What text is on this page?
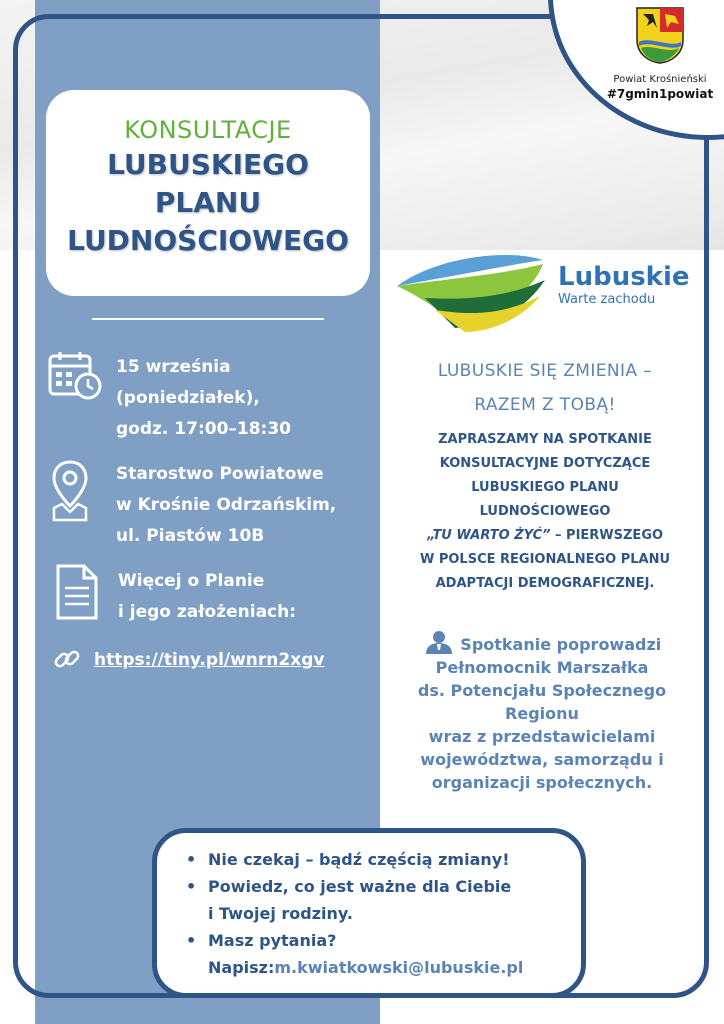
Powiat Krośnieński
#7gmin1powiat
KONSULTACJE
LUBUSKIEGO
PLANU
LUDNOŚCIOWEGO
15 września
(poniedziałek),
godz. 17:00–18:30
Starostwo Powiatowe
w Krośnie Odrzańskim,
ul. Piastów 10B
Więcej o Planie
i jego założeniach:
https://tiny.pl/wnrn2xgv
Lubuskie
Warte zachodu
LUBUSKIE SIĘ ZMIENIA –
RAZEM Z TOBĄ!
ZAPRASZAMY NA SPOTKANIE
KONSULTACYJNE DOTYCZĄCE
LUBUSKIEGO PLANU
LUDNOŚCIOWEGO
„TU WARTO ŻYĆ” – PIERWSZEGO
W POLSCE REGIONALNEGO PLANU
ADAPTACJI DEMOGRAFICZNEJ.
Spotkanie poprowadzi
Pełnomocnik Marszałka
ds. Potencjału Społecznego
Regionu
wraz z przedstawicielami
województwa, samorządu i
organizacji społecznych.
• Nie czekaj – bądź częścią zmiany!
• Powiedz, co jest ważne dla Ciebie
i Twojej rodziny.
• Masz pytania?
Napisz: m.kwiatkowski@lubuskie.pl
